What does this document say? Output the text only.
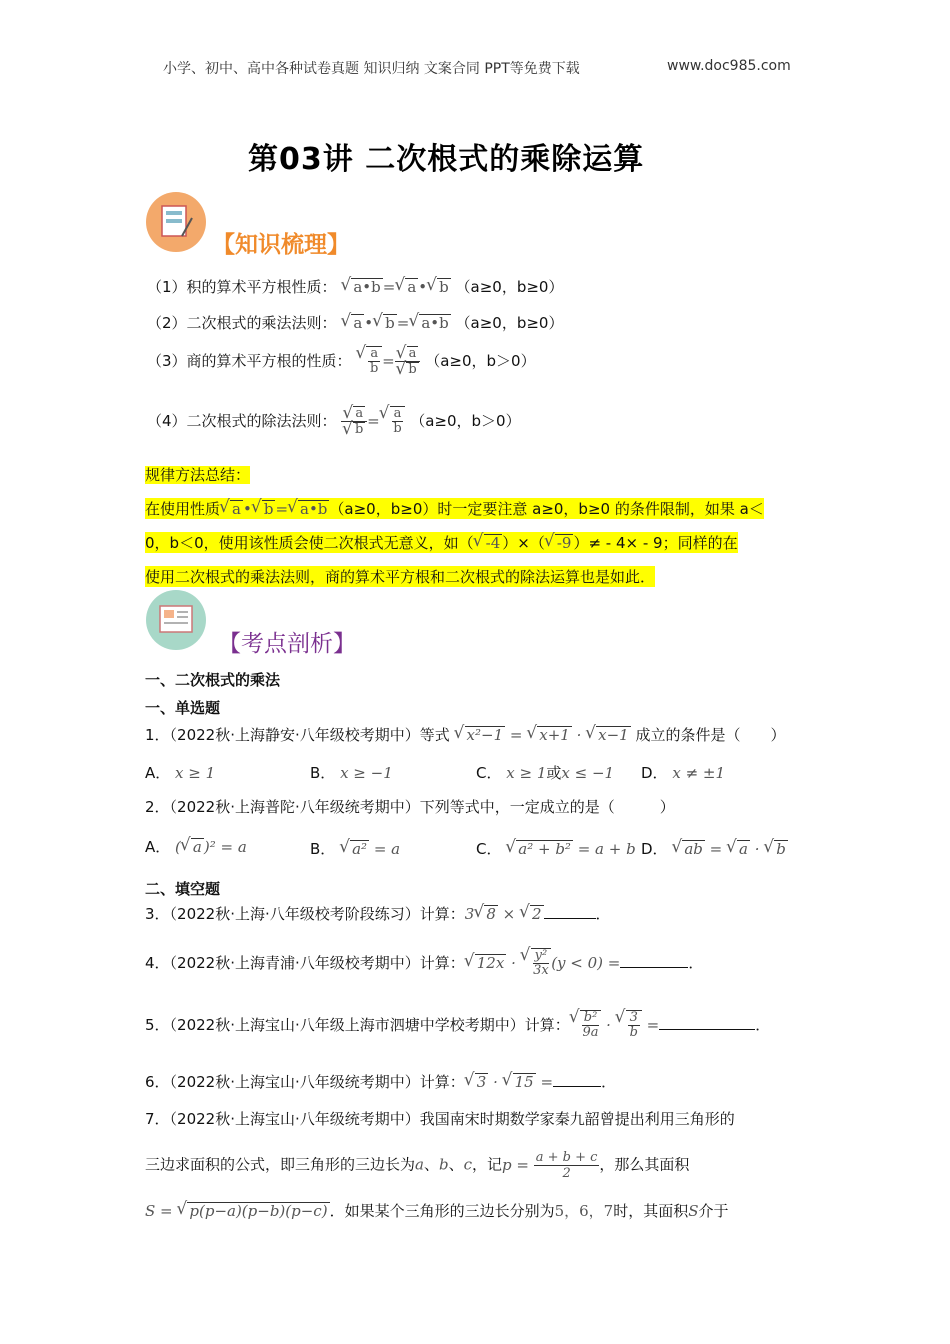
小学、初中、高中各种试卷真题 知识归纳 文案合同 PPT等免费下载	www.doc985.com
第03讲 二次根式的乘除运算
【知识梳理】
（1）积的算术平方根性质： √ a•b = √ a • √ b （a≥0，b≥0）
（2）二次根式的乘法法则： √ a • √ b = √ a•b （a≥0，b≥0）
（3）商的算术平方根的性质： √ $\frac{a}{b}$ = √ a
√ b （a≥0，b＞0）
（4）二次根式的除法法则： √ a
√ b = √ $\frac{a}{b} (a\ge 0$，b＞0）
规律方法总结：
在使用性质 √ a • √ b = √ a•b （a≥0，b≥0）时一定要注意 a≥0，b≥0 的条件限制，如果 a＜
0，b＜0，使用该性质会使二次根式无意义，如（ √ -4 ）×（ √ -9 ）≠ - 4× - 9；同样的在
使用二次根式的乘法法则，商的算术平方根和二次根式的除法运算也是如此．
【考点剖析】
一、二次根式的乘法
一、单选题
1．（2022秋·上海静安·八年级校考期中）等式 √ x²−1 = √ x+1 · √ x−1 成立的条件是（　　）
A． x ≥ 1	B． x ≥ −1	C． x ≥ 1或x ≤ −1 D． x ≠ ±1
2．（2022秋·上海普陀·八年级统考期中）下列等式中，一定成立的是（　　　）
A． ( √ a )² = a	B． √ a² = a	C． √ a² + b² = a + b D． √ ab = √ a · √ b
二、填空题
3．（2022秋·上海·八年级校考阶段练习）计算：3 √ 8 × √ 2	．
4．（2022秋·上海青浦·八年级校考期中）计算： √ 12x · √ $\frac{\text{y²}}{3x} (y < 0)$ =	．
5．（2022秋·上海宝山·八年级上海市泗塘中学校考期中）计算： √ $\frac{\text{b²}}{9a}$ · √ $\frac{3}{b}$ =	．
6．（2022秋·上海宝山·八年级统考期中）计算： √ 3 · √ 15 =	．
7．（2022秋·上海宝山·八年级统考期中）我国南宋时期数学家秦九韶曾提出利用三角形的
三边求面积的公式，即三角形的三边长为a、b、c，记$p = \frac{a + b + c}{2}$ ，那么其面积
S = √ p(p−a)(p−b)(p−c) ．如果某个三角形的三边长分别为5，6，7时，其面积S介于
